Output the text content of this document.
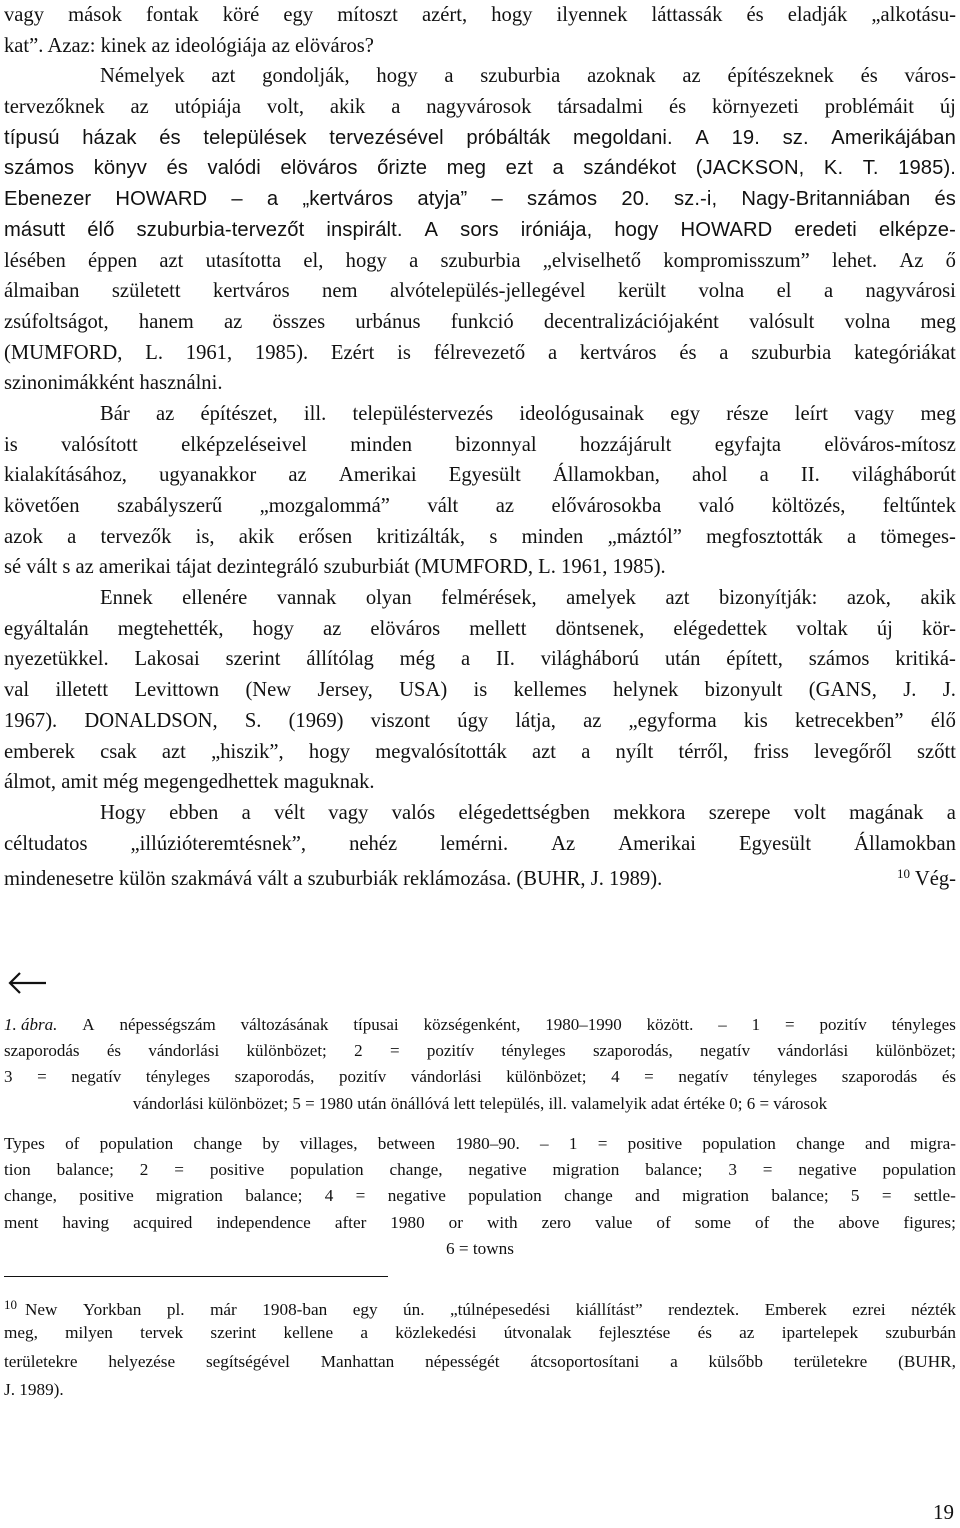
vagy mások fontak köré egy mítoszt azért, hogy ilyennek láttassák és eladják „alkotásu-
kat”. Azaz: kinek az ideológiája az elöváros?
Némelyek azt gondolják, hogy a szuburbia azoknak az építészeknek és város-
tervezőknek az utópiája volt, akik a nagyvárosok társadalmi és környezeti problémáit új
típusú házak és települések tervezésével próbálták megoldani. A 19. sz. Amerikájában
számos könyv és valódi elöváros őrizte meg ezt a szándékot (JACKSON, K. T. 1985).
Ebenezer HOWARD – a „kertváros atyja” – számos 20. sz.-i, Nagy-Britanniában és
másutt élő szuburbia-tervezőt inspirált. A sors iróniája, hogy HOWARD eredeti elképze-
lésében éppen azt utasította el, hogy a szuburbia „elviselhető kompromisszum” lehet. Az ő
álmaiban született kertváros nem alvótelepülés-jellegével került volna el a nagyvárosi
zsúfoltságot, hanem az összes urbánus funkció decentralizációjaként valósult volna meg
(MUMFORD, L. 1961, 1985). Ezért is félrevezető a kertváros és a szuburbia kategóriákat
szinonimákként használni.
Bár az építészet, ill. településtervezés ideológusainak egy része leírt vagy meg
is valósított elképzeléseivel minden bizonnyal hozzájárult egyfajta elöváros-mítosz
kialakításához, ugyanakkor az Amerikai Egyesült Államokban, ahol a II. világháborút
követően szabályszerű „mozgalommá” vált az elővárosokba való költözés, feltűntek
azok a tervezők is, akik erősen kritizálták, s minden „máztól” megfosztották a tömeges-
sé vált s az amerikai tájat dezintegráló szuburbiát (MUMFORD, L. 1961, 1985).
Ennek ellenére vannak olyan felmérések, amelyek azt bizonyítják: azok, akik
egyáltalán megtehették, hogy az elöváros mellett döntsenek, elégedettek voltak új kör-
nyezetükkel. Lakosai szerint állítólag még a II. világháború után épített, számos kritiká-
val illetett Levittown (New Jersey, USA) is kellemes helynek bizonyult (GANS, J. J.
1967). DONALDSON, S. (1969) viszont úgy látja, az „egyforma kis ketrecekben” élő
emberek csak azt „hiszik”, hogy megvalósították azt a nyílt térről, friss levegőről szőtt
álmot, amit még megengedhettek maguknak.
Hogy ebben a vélt vagy valós elégedettségben mekkora szerepe volt magának a
céltudatos „illúzióteremtésnek”, nehéz lemérni. Az Amerikai Egyesült Államokban
mindenesetre külön szakmává vált a szuburbiák reklámozása. (BUHR, J. 1989).	$^{10}$ Vég-
1. ábra. A népességszám változásának típusai községenként, 1980–1990 között. – 1 = pozitív tényleges
szaporodás és vándorlási különbözet; 2 = pozitív tényleges szaporodás, negatív vándorlási különbözet;
3 = negatív tényleges szaporodás, pozitív vándorlási különbözet; 4 = negatív tényleges szaporodás és
vándorlási különbözet; 5 = 1980 után önállóvá lett település, ill. valamelyik adat értéke 0; 6 = városok
Types of population change by villages, between 1980–90. – 1 = positive population change and migra-
tion balance; 2 = positive population change, negative migration balance; 3 = negative population
change, positive migration balance; 4 = negative population change and migration balance; 5 = settle-
ment having acquired independence after 1980 or with zero value of some of the above figures;
6 = towns
$^{10}$ New Yorkban pl. már 1908-ban egy ún. „túlnépesedési kiállítást” rendeztek. Emberek ezrei nézték
meg, milyen tervek szerint kellene a közlekedési útvonalak fejlesztése és az ipartelepek szuburbán
területekre helyezése segítségével Manhattan népességét átcsoportosítani a külsőbb területekre (BUHR,
J. 1989).
19
